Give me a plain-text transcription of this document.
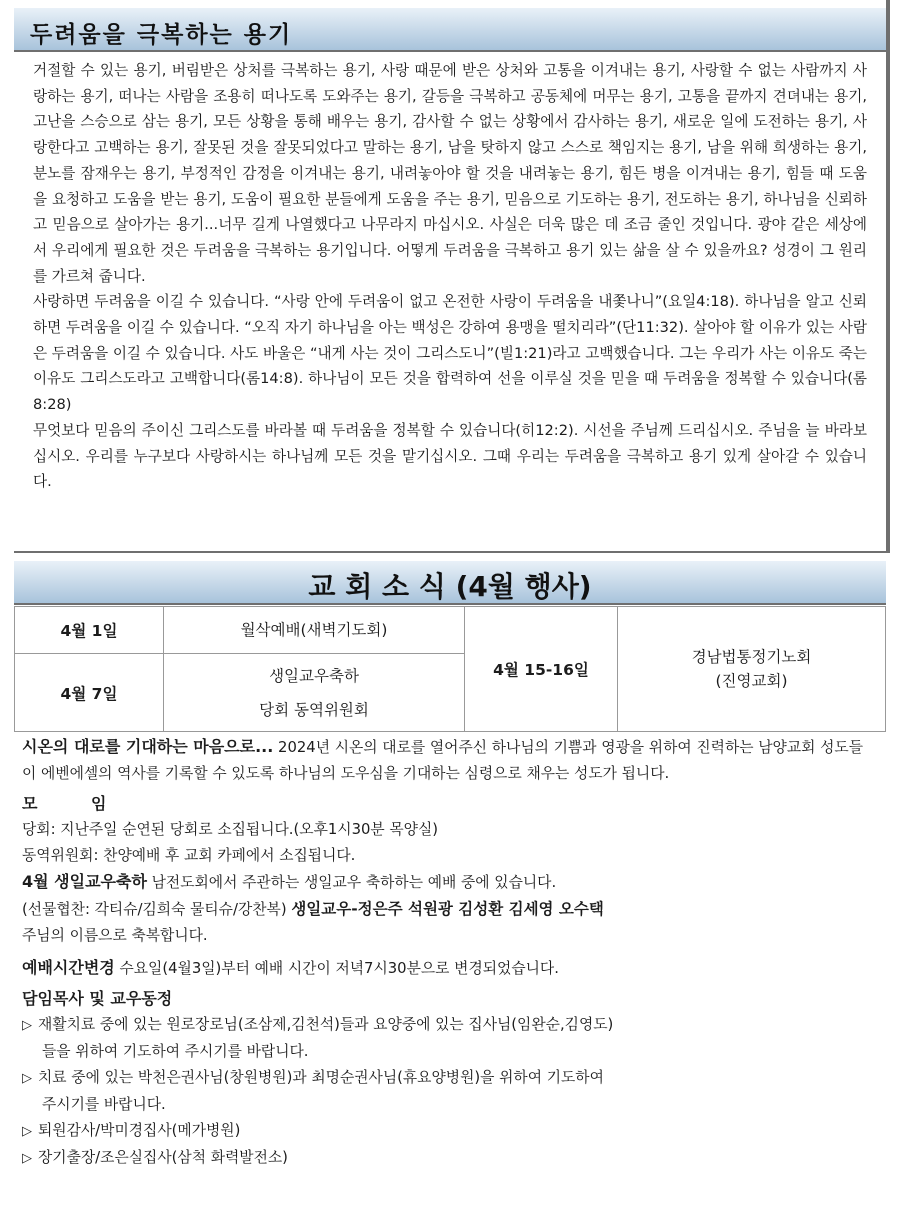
두려움을 극복하는 용기

거절할 수 있는 용기, 버림받은 상처를 극복하는 용기, 사랑 때문에 받은 상처와 고통을 이겨내는 용기, 사랑할 수 없는 사람까지 사랑하는 용기, 떠나는 사람을 조용히 떠나도록 도와주는 용기, 갈등을 극복하고 공동체에 머무는 용기, 고통을 끝까지 견뎌내는 용기, 고난을 스승으로 삼는 용기, 모든 상황을 통해 배우는 용기, 감사할 수 없는 상황에서 감사하는 용기, 새로운 일에 도전하는 용기, 사랑한다고 고백하는 용기, 잘못된 것을 잘못되었다고 말하는 용기, 남을 탓하지 않고 스스로 책임지는 용기, 남을 위해 희생하는 용기, 분노를 잠재우는 용기, 부정적인 감정을 이겨내는 용기, 내려놓아야 할 것을 내려놓는 용기, 힘든 병을 이겨내는 용기, 힘들 때 도움을 요청하고 도움을 받는 용기, 도움이 필요한 분들에게 도움을 주는 용기, 믿음으로 기도하는 용기, 전도하는 용기, 하나님을 신뢰하고 믿음으로 살아가는 용기...너무 길게 나열했다고 나무라지 마십시오. 사실은 더욱 많은 데 조금 줄인 것입니다. 광야 같은 세상에서 우리에게 필요한 것은 두려움을 극복하는 용기입니다. 어떻게 두려움을 극복하고 용기 있는 삶을 살 수 있을까요? 성경이 그 원리를 가르쳐 줍니다.

사랑하면 두려움을 이길 수 있습니다. “사랑 안에 두려움이 없고 온전한 사랑이 두려움을 내쫓나니”(요일4:18). 하나님을 알고 신뢰하면 두려움을 이길 수 있습니다. “오직 자기 하나님을 아는 백성은 강하여 용맹을 떨치리라”(단11:32). 살아야 할 이유가 있는 사람은 두려움을 이길 수 있습니다. 사도 바울은 “내게 사는 것이 그리스도니”(빌1:21)라고 고백했습니다. 그는 우리가 사는 이유도 죽는 이유도 그리스도라고 고백합니다(롬14:8). 하나님이 모든 것을 합력하여 선을 이루실 것을 믿을 때 두려움을 정복할 수 있습니다(롬8:28)

무엇보다 믿음의 주이신 그리스도를 바라볼 때 두려움을 정복할 수 있습니다(히12:2). 시선을 주님께 드리십시오. 주님을 늘 바라보십시오. 우리를 누구보다 사랑하시는 하나님께 모든 것을 맡기십시오. 그때 우리는 두려움을 극복하고 용기 있게 살아갈 수 있습니다.

교 회 소 식 (4월 행사)
4월 1일	월삭예배(새벽기도회)	4월 15-16일	경남법통정기노회
(진영교회)

4월 7일	생일교우축하
당회 동역위원회		

시온의 대로를 기대하는 마음으로... 2024년 시온의 대로를 열어주신 하나님의 기쁨과 영광을 위하여 진력하는 남양교회 성도들이 에벤에셀의 역사를 기록할 수 있도록 하나님의 도우심을 기대하는 심령으로 채우는 성도가 됩니다.

모 임

당회: 지난주일 순연된 당회로 소집됩니다.(오후1시30분 목양실)

동역위원회: 찬양예배 후 교회 카페에서 소집됩니다.

4월 생일교우축하 남전도회에서 주관하는 생일교우 축하하는 예배 중에 있습니다.

(선물협찬: 각티슈/김희숙 물티슈/강찬복) 생일교우-정은주 석원광 김성환 김세영 오수택

주님의 이름으로 축복합니다.

예배시간변경 수요일(4월3일)부터 예배 시간이 저녁7시30분으로 변경되었습니다.

담임목사 및 교우동정

▷ 재활치료 중에 있는 원로장로님(조삼제,김천석)들과 요양중에 있는 집사님(임완순,김영도)

들을 위하여 기도하여 주시기를 바랍니다.

▷ 치료 중에 있는 박천은권사님(창원병원)과 최명순권사님(휴요양병원)을 위하여 기도하여

주시기를 바랍니다.

▷ 퇴원감사/박미경집사(메가병원)

▷ 장기출장/조은실집사(삼척 화력발전소)
